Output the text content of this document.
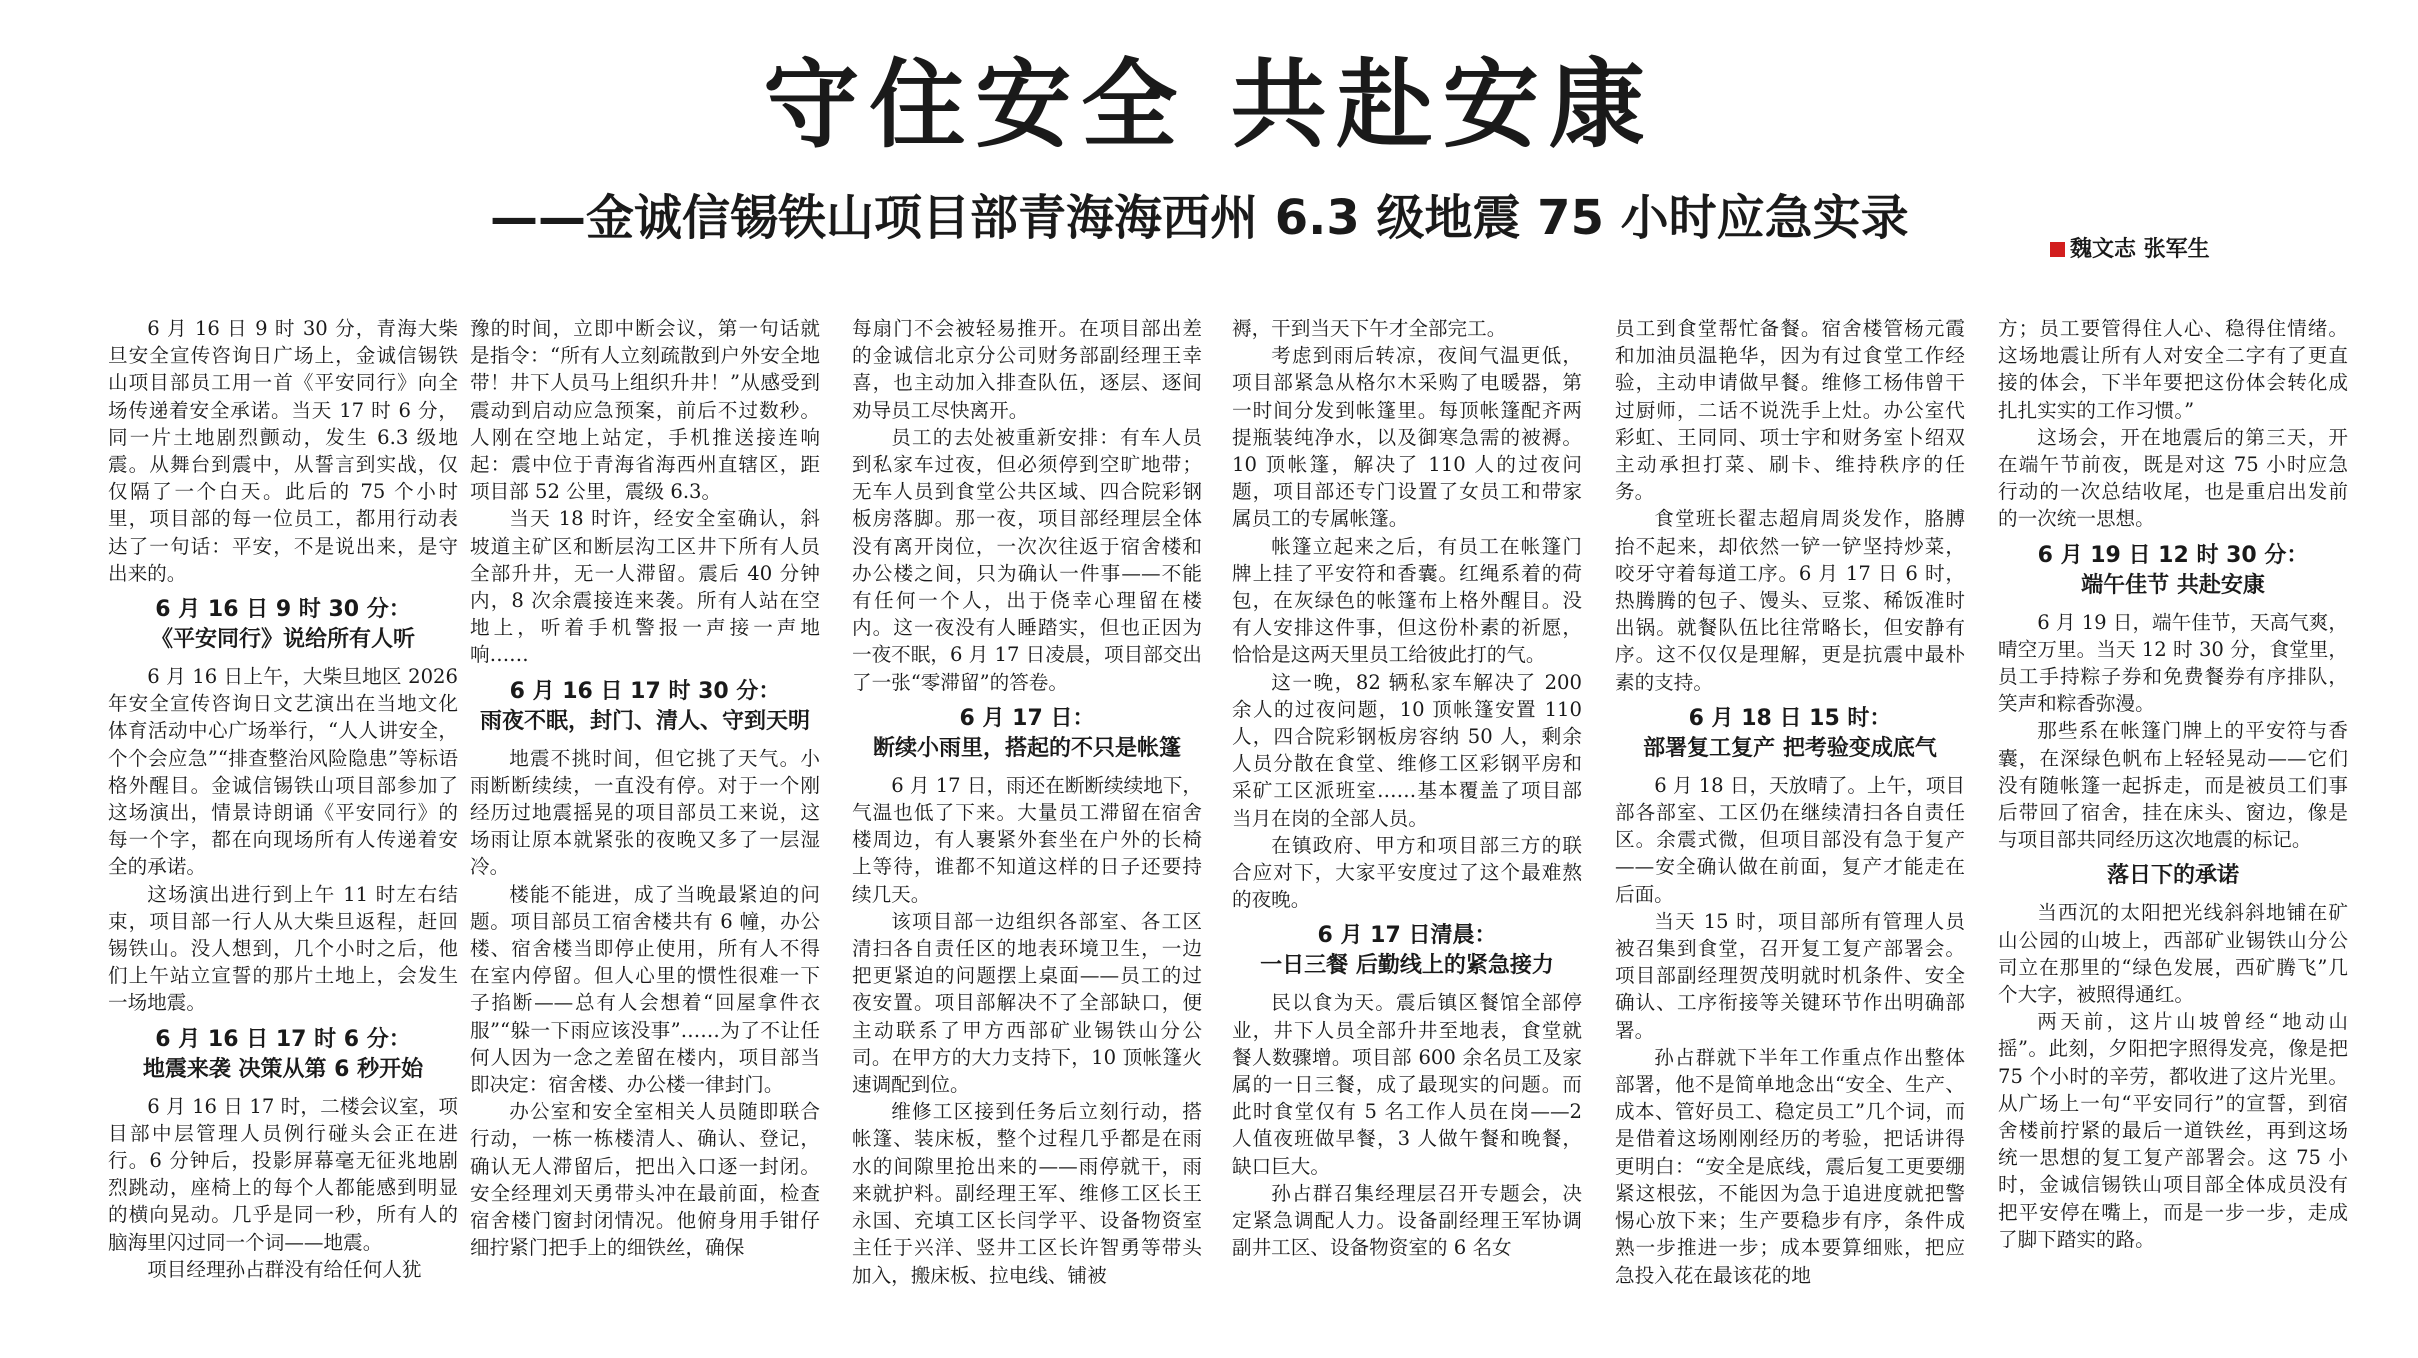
守住安全 共赴安康
——金诚信锡铁山项目部青海海西州 6.3 级地震 75 小时应急实录
魏文志 张军生

6 月 16 日 9 时 30 分，青海大柴旦安全宣传咨询日广场上，金诚信锡铁山项目部员工用一首《平安同行》向全场传递着安全承诺。当天 17 时 6 分，同一片土地剧烈颤动，发生 6.3 级地震。从舞台到震中，从誓言到实战，仅仅隔了一个白天。此后的 75 个小时里，项目部的每一位员工，都用行动表达了一句话：平安，不是说出来，是守出来的。

6 月 16 日 9 时 30 分：
《平安同行》说给所有人听

6 月 16 日上午，大柴旦地区 2026 年安全宣传咨询日文艺演出在当地文化体育活动中心广场举行，“人人讲安全，个个会应急”“排查整治风险隐患”等标语格外醒目。金诚信锡铁山项目部参加了这场演出，情景诗朗诵《平安同行》的每一个字，都在向现场所有人传递着安全的承诺。

这场演出进行到上午 11 时左右结束，项目部一行人从大柴旦返程，赶回锡铁山。没人想到，几个小时之后，他们上午站立宣誓的那片土地上，会发生一场地震。

6 月 16 日 17 时 6 分：
地震来袭 决策从第 6 秒开始

6 月 16 日 17 时，二楼会议室，项目部中层管理人员例行碰头会正在进行。6 分钟后，投影屏幕毫无征兆地剧烈跳动，座椅上的每个人都能感到明显的横向晃动。几乎是同一秒，所有人的脑海里闪过同一个词——地震。

项目经理孙占群没有给任何人犹

豫的时间，立即中断会议，第一句话就是指令：“所有人立刻疏散到户外安全地带！井下人员马上组织升井！”从感受到震动到启动应急预案，前后不过数秒。人刚在空地上站定，手机推送接连响起：震中位于青海省海西州直辖区，距项目部 52 公里，震级 6.3。

当天 18 时许，经安全室确认，斜坡道主矿区和断层沟工区井下所有人员全部升井，无一人滞留。震后 40 分钟内，8 次余震接连来袭。所有人站在空地上，听着手机警报一声接一声地响……

6 月 16 日 17 时 30 分：
雨夜不眠，封门、清人、守到天明

地震不挑时间，但它挑了天气。小雨断断续续，一直没有停。对于一个刚经历过地震摇晃的项目部员工来说，这场雨让原本就紧张的夜晚又多了一层湿冷。

楼能不能进，成了当晚最紧迫的问题。项目部员工宿舍楼共有 6 幢，办公楼、宿舍楼当即停止使用，所有人不得在室内停留。但人心里的惯性很难一下子掐断——总有人会想着“回屋拿件衣服”“躲一下雨应该没事”……为了不让任何人因为一念之差留在楼内，项目部当即决定：宿舍楼、办公楼一律封门。

办公室和安全室相关人员随即联合行动，一栋一栋楼清人、确认、登记，确认无人滞留后，把出入口逐一封闭。安全经理刘天勇带头冲在最前面，检查宿舍楼门窗封闭情况。他俯身用手钳仔细拧紧门把手上的细铁丝，确保

每扇门不会被轻易推开。在项目部出差的金诚信北京分公司财务部副经理王幸喜，也主动加入排查队伍，逐层、逐间劝导员工尽快离开。

员工的去处被重新安排：有车人员到私家车过夜，但必须停到空旷地带；无车人员到食堂公共区域、四合院彩钢板房落脚。那一夜，项目部经理层全体没有离开岗位，一次次往返于宿舍楼和办公楼之间，只为确认一件事——不能有任何一个人，出于侥幸心理留在楼内。这一夜没有人睡踏实，但也正因为一夜不眠，6 月 17 日凌晨，项目部交出了一张“零滞留”的答卷。

6 月 17 日：
断续小雨里，搭起的不只是帐篷

6 月 17 日，雨还在断断续续地下，气温也低了下来。大量员工滞留在宿舍楼周边，有人裹紧外套坐在户外的长椅上等待，谁都不知道这样的日子还要持续几天。

该项目部一边组织各部室、各工区清扫各自责任区的地表环境卫生，一边把更紧迫的问题摆上桌面——员工的过夜安置。项目部解决不了全部缺口，便主动联系了甲方西部矿业锡铁山分公司。在甲方的大力支持下，10 顶帐篷火速调配到位。

维修工区接到任务后立刻行动，搭帐篷、装床板，整个过程几乎都是在雨水的间隙里抢出来的——雨停就干，雨来就护料。副经理王军、维修工区长王永国、充填工区长闫学平、设备物资室主任于兴洋、竖井工区长许智勇等带头加入，搬床板、拉电线、铺被

褥，干到当天下午才全部完工。

考虑到雨后转凉，夜间气温更低，项目部紧急从格尔木采购了电暖器，第一时间分发到帐篷里。每顶帐篷配齐两提瓶装纯净水，以及御寒急需的被褥。10 顶帐篷，解决了 110 人的过夜问题，项目部还专门设置了女员工和带家属员工的专属帐篷。

帐篷立起来之后，有员工在帐篷门牌上挂了平安符和香囊。红绳系着的荷包，在灰绿色的帐篷布上格外醒目。没有人安排这件事，但这份朴素的祈愿，恰恰是这两天里员工给彼此打的气。

这一晚，82 辆私家车解决了 200 余人的过夜问题，10 顶帐篷安置 110 人，四合院彩钢板房容纳 50 人，剩余人员分散在食堂、维修工区彩钢平房和采矿工区派班室……基本覆盖了项目部当月在岗的全部人员。

在镇政府、甲方和项目部三方的联合应对下，大家平安度过了这个最难熬的夜晚。

6 月 17 日清晨：
一日三餐 后勤线上的紧急接力

民以食为天。震后镇区餐馆全部停业，井下人员全部升井至地表，食堂就餐人数骤增。项目部 600 余名员工及家属的一日三餐，成了最现实的问题。而此时食堂仅有 5 名工作人员在岗——2 人值夜班做早餐，3 人做午餐和晚餐，缺口巨大。

孙占群召集经理层召开专题会，决定紧急调配人力。设备副经理王军协调副井工区、设备物资室的 6 名女

员工到食堂帮忙备餐。宿舍楼管杨元霞和加油员温艳华，因为有过食堂工作经验，主动申请做早餐。维修工杨伟曾干过厨师，二话不说洗手上灶。办公室代彩虹、王同同、项士宇和财务室卜绍双主动承担打菜、刷卡、维持秩序的任务。

食堂班长翟志超肩周炎发作，胳膊抬不起来，却依然一铲一铲坚持炒菜，咬牙守着每道工序。6 月 17 日 6 时，热腾腾的包子、馒头、豆浆、稀饭准时出锅。就餐队伍比往常略长，但安静有序。这不仅仅是理解，更是抗震中最朴素的支持。

6 月 18 日 15 时：
部署复工复产 把考验变成底气

6 月 18 日，天放晴了。上午，项目部各部室、工区仍在继续清扫各自责任区。余震式微，但项目部没有急于复产——安全确认做在前面，复产才能走在后面。

当天 15 时，项目部所有管理人员被召集到食堂，召开复工复产部署会。项目部副经理贺茂明就时机条件、安全确认、工序衔接等关键环节作出明确部署。

孙占群就下半年工作重点作出整体部署，他不是简单地念出“安全、生产、成本、管好员工、稳定员工”几个词，而是借着这场刚刚经历的考验，把话讲得更明白：“安全是底线，震后复工更要绷紧这根弦，不能因为急于追进度就把警惕心放下来；生产要稳步有序，条件成熟一步推进一步；成本要算细账，把应急投入花在最该花的地

方；员工要管得住人心、稳得住情绪。这场地震让所有人对安全二字有了更直接的体会，下半年要把这份体会转化成扎扎实实的工作习惯。”

这场会，开在地震后的第三天，开在端午节前夜，既是对这 75 小时应急行动的一次总结收尾，也是重启出发前的一次统一思想。

6 月 19 日 12 时 30 分：
端午佳节 共赴安康

6 月 19 日，端午佳节，天高气爽，晴空万里。当天 12 时 30 分，食堂里，员工手持粽子券和免费餐券有序排队，笑声和粽香弥漫。

那些系在帐篷门牌上的平安符与香囊，在深绿色帆布上轻轻晃动——它们没有随帐篷一起拆走，而是被员工们事后带回了宿舍，挂在床头、窗边，像是与项目部共同经历这次地震的标记。

落日下的承诺

当西沉的太阳把光线斜斜地铺在矿山公园的山坡上，西部矿业锡铁山分公司立在那里的“绿色发展，西矿腾飞”几个大字，被照得通红。

两天前，这片山坡曾经“地动山摇”。此刻，夕阳把字照得发亮，像是把 75 个小时的辛劳，都收进了这片光里。从广场上一句“平安同行”的宣誓，到宿舍楼前拧紧的最后一道铁丝，再到这场统一思想的复工复产部署会。这 75 小时，金诚信锡铁山项目部全体成员没有把平安停在嘴上，而是一步一步，走成了脚下踏实的路。
